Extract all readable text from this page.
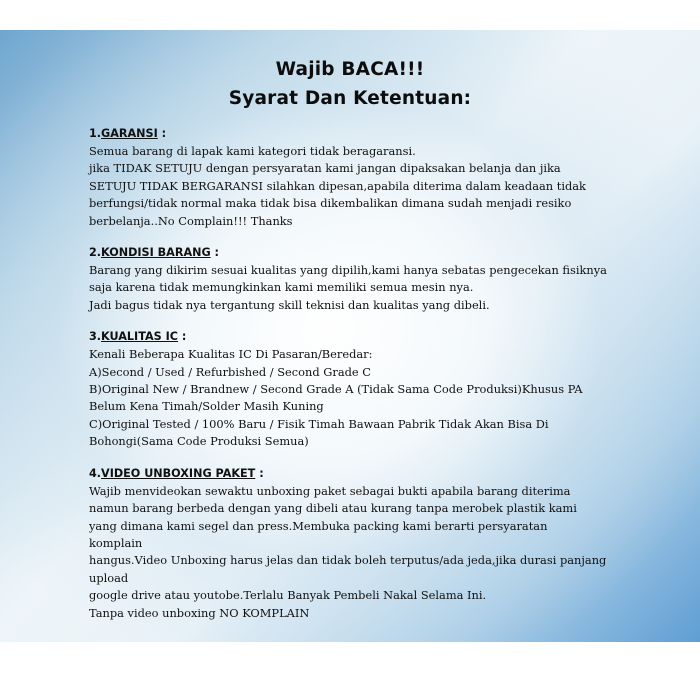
Wajib BACA!!!
Syarat Dan Ketentuan:
1.GARANSI :
Semua barang di lapak kami kategori tidak beragaransi.
jika TIDAK SETUJU dengan persyaratan kami jangan dipaksakan belanja dan jika
SETUJU TIDAK BERGARANSI silahkan dipesan,apabila diterima dalam keadaan tidak
berfungsi/tidak normal maka tidak bisa dikembalikan dimana sudah menjadi resiko
berbelanja..No Complain!!! Thanks
2.KONDISI BARANG :
Barang yang dikirim sesuai kualitas yang dipilih,kami hanya sebatas pengecekan fisiknya
saja karena tidak memungkinkan kami memiliki semua mesin nya.
Jadi bagus tidak nya tergantung skill teknisi dan kualitas yang dibeli.
3.KUALITAS IC :
Kenali Beberapa Kualitas IC Di Pasaran/Beredar:
A)Second / Used / Refurbished / Second Grade C
B)Original New / Brandnew / Second Grade A (Tidak Sama Code Produksi)Khusus PA
Belum Kena Timah/Solder Masih Kuning
C)Original Tested / 100% Baru / Fisik Timah Bawaan Pabrik Tidak Akan Bisa Di
Bohongi(Sama Code Produksi Semua)
4.VIDEO UNBOXING PAKET :
Wajib menvideokan sewaktu unboxing paket sebagai bukti apabila barang diterima
namun barang berbeda dengan yang dibeli atau kurang tanpa merobek plastik kami
yang dimana kami segel dan press.Membuka packing kami berarti persyaratan
komplain
hangus.Video Unboxing harus jelas dan tidak boleh terputus/ada jeda,jika durasi panjang
upload
google drive atau youtobe.Terlalu Banyak Pembeli Nakal Selama Ini.
Tanpa video unboxing NO KOMPLAIN
